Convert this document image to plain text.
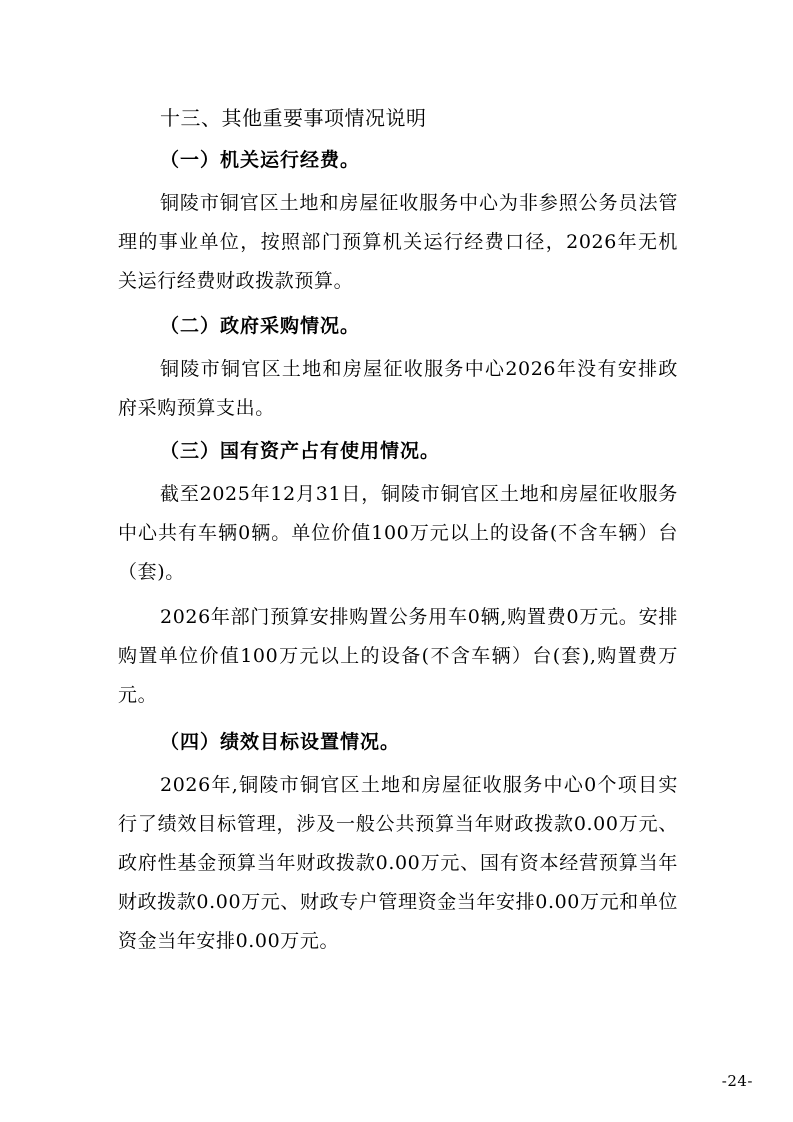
十三、其他重要事项情况说明
（一）机关运行经费。

铜陵市铜官区土地和房屋征收服务中心为非参照公务员法管理的事业单位，按照部门预算机关运行经费口径，2026年无机关运行经费财政拨款预算。

（二）政府采购情况。

铜陵市铜官区土地和房屋征收服务中心2026年没有安排政府采购预算支出。

（三）国有资产占有使用情况。

截至2025年12月31日，铜陵市铜官区土地和房屋征收服务中心共有车辆0辆。单位价值100万元以上的设备(不含车辆）台（套)。

2026年部门预算安排购置公务用车0辆,购置费0万元。安排购置单位价值100万元以上的设备(不含车辆）台(套),购置费万元。

（四）绩效目标设置情况。

2026年,铜陵市铜官区土地和房屋征收服务中心0个项目实行了绩效目标管理，涉及一般公共预算当年财政拨款0.00万元、政府性基金预算当年财政拨款0.00万元、国有资本经营预算当年财政拨款0.00万元、财政专户管理资金当年安排0.00万元和单位资金当年安排0.00万元。

-24-
